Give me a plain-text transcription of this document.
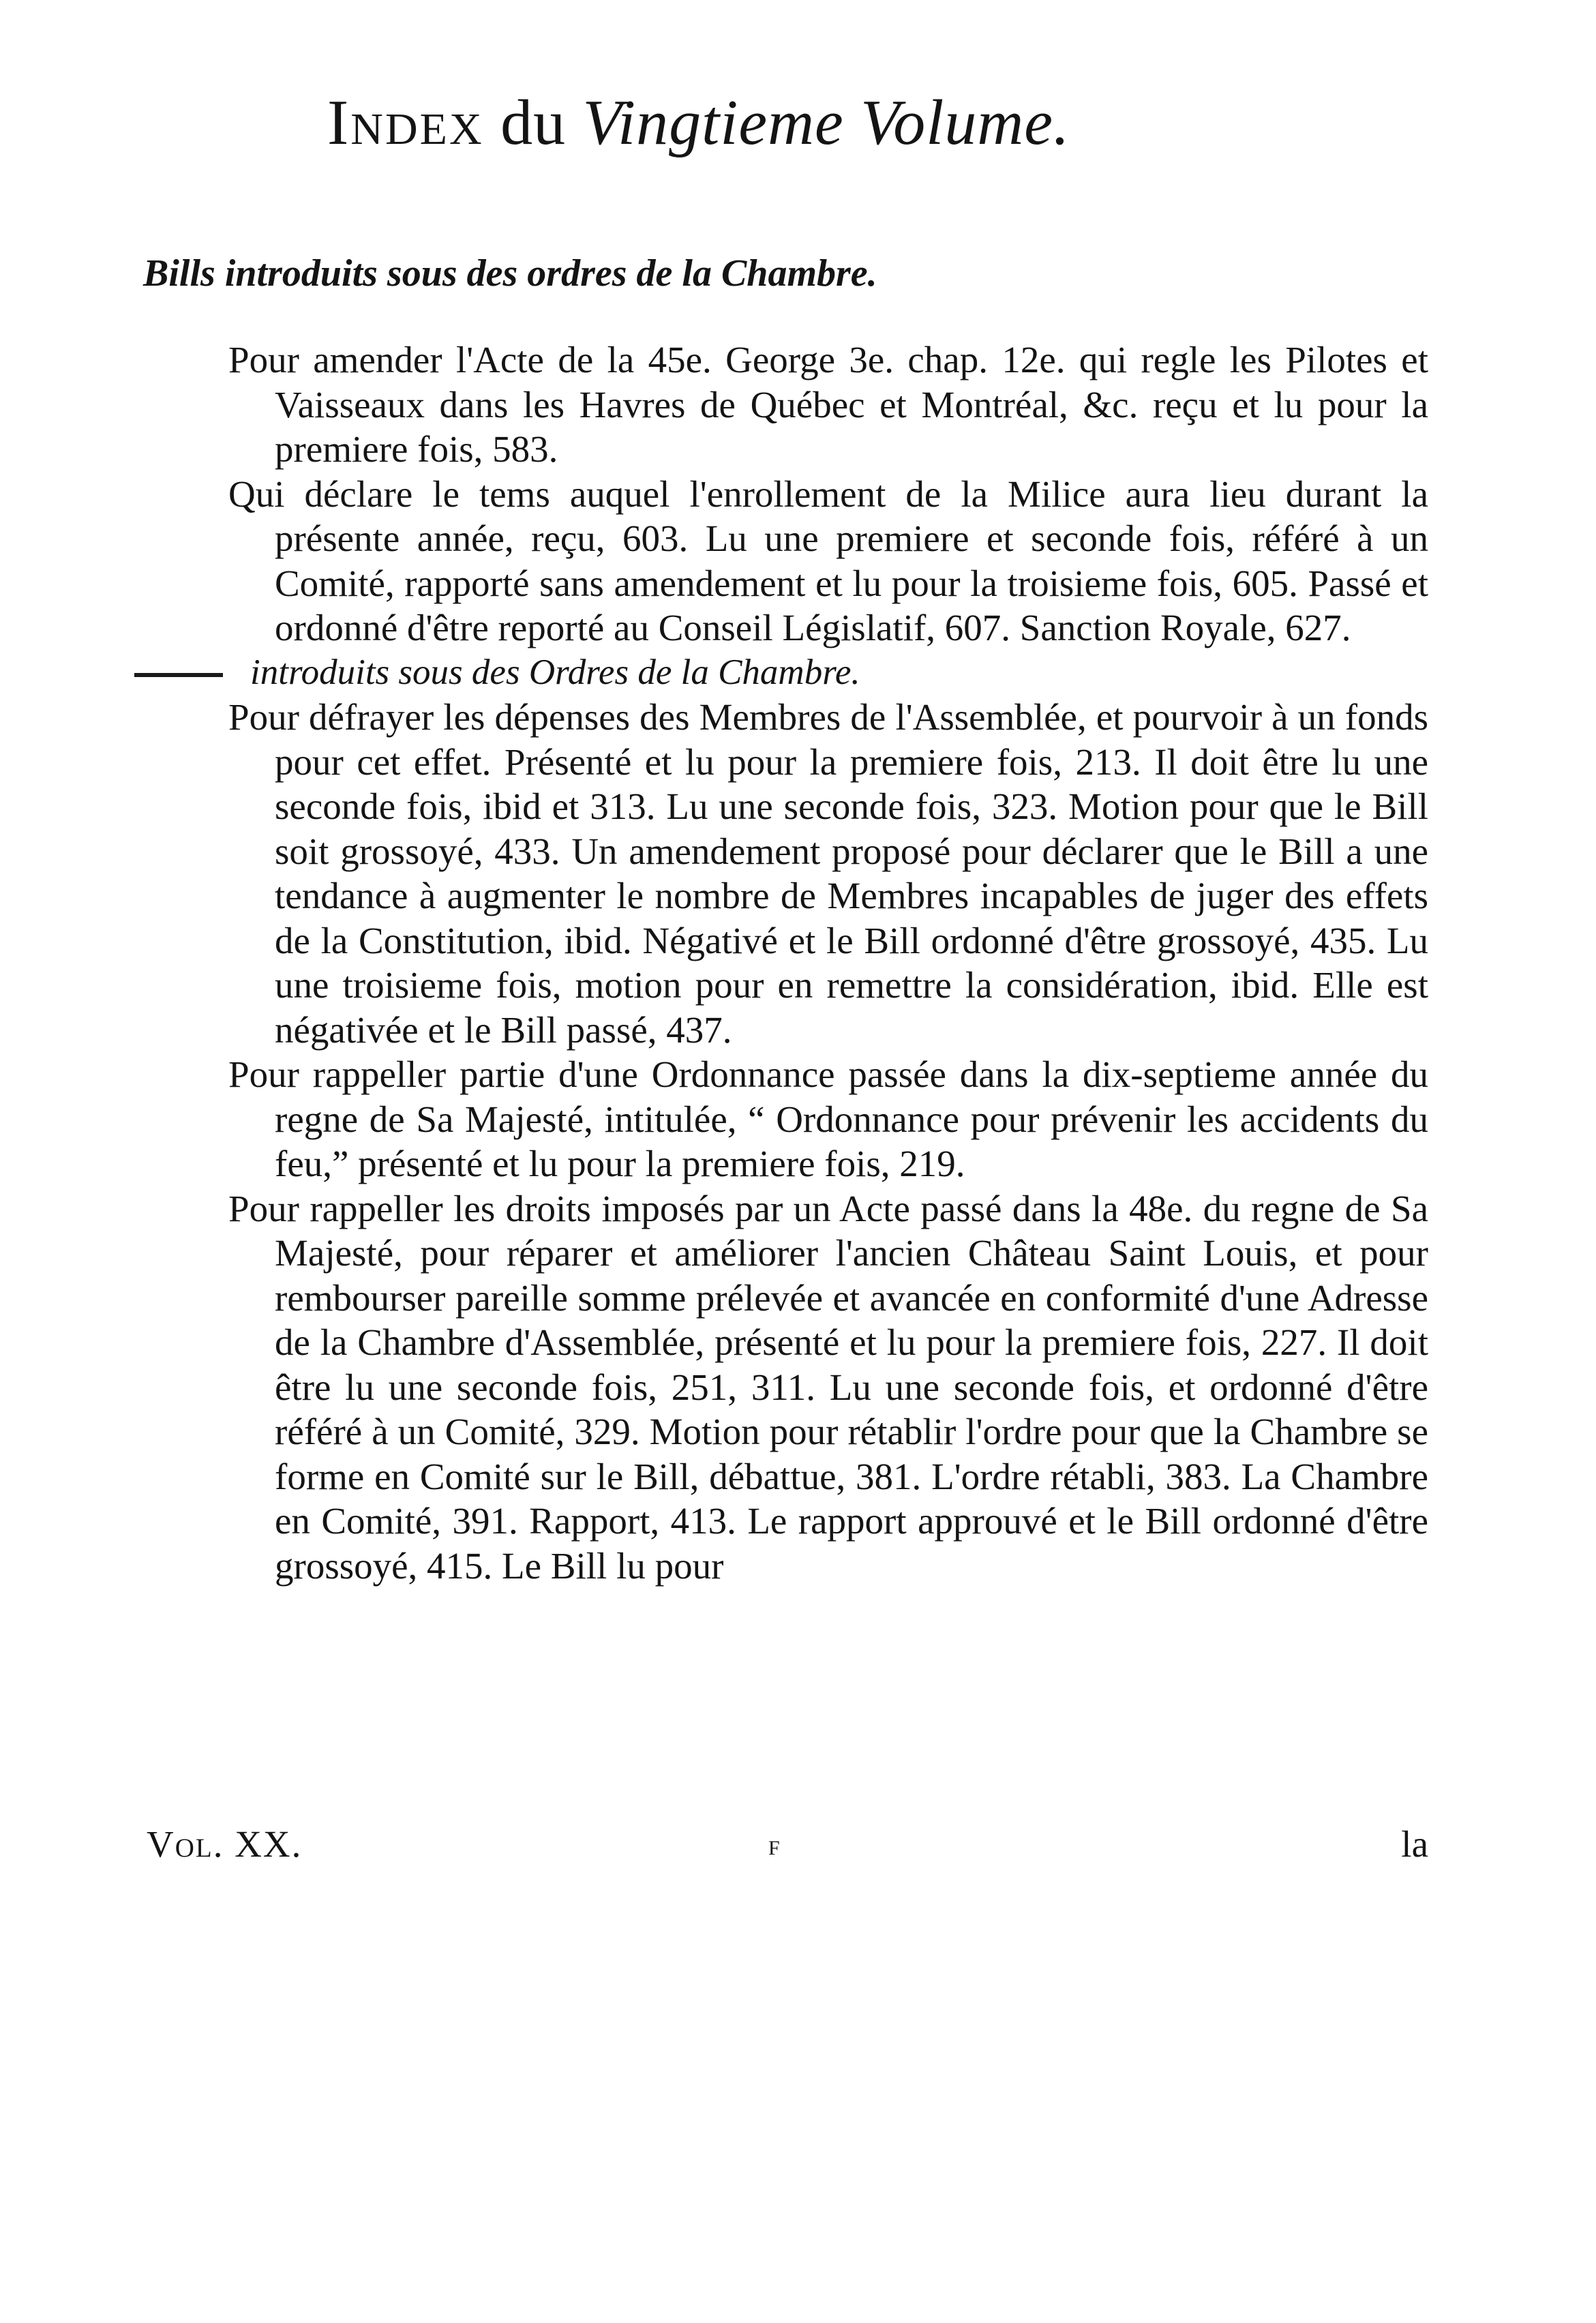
Index du Vingtieme Volume.
Bills introduits sous des ordres de la Chambre.

Pour amender l'Acte de la 45e. George 3e. chap. 12e. qui regle les Pilotes et Vaisseaux dans les Havres de Québec et Montréal, &c. reçu et lu pour la premiere fois, 583.

Qui déclare le tems auquel l'enrollement de la Milice aura lieu durant la présente année, reçu, 603. Lu une premiere et seconde fois, référé à un Comité, rapporté sans amendement et lu pour la troisieme fois, 605. Passé et ordonné d'être reporté au Conseil Législatif, 607. Sanction Royale, 627.

introduits sous des Ordres de la Chambre.

Pour défrayer les dépenses des Membres de l'Assemblée, et pourvoir à un fonds pour cet effet. Présenté et lu pour la premiere fois, 213. Il doit être lu une seconde fois, ibid et 313. Lu une seconde fois, 323. Motion pour que le Bill soit grossoyé, 433. Un amendement proposé pour déclarer que le Bill a une tendance à augmenter le nombre de Membres incapables de juger des effets de la Constitution, ibid. Négativé et le Bill ordonné d'être grossoyé, 435. Lu une troisieme fois, motion pour en remettre la considération, ibid. Elle est négativée et le Bill passé, 437.

Pour rappeller partie d'une Ordonnance passée dans la dix-septieme année du regne de Sa Majesté, intitulée, “ Ordonnance pour prévenir les accidents du feu,” présenté et lu pour la premiere fois, 219.

Pour rappeller les droits imposés par un Acte passé dans la 48e. du regne de Sa Majesté, pour réparer et améliorer l'ancien Château Saint Louis, et pour rembourser pareille somme prélevée et avancée en conformité d'une Adresse de la Chambre d'Assemblée, présenté et lu pour la premiere fois, 227. Il doit être lu une seconde fois, 251, 311. Lu une seconde fois, et ordonné d'être référé à un Comité, 329. Motion pour rétablir l'ordre pour que la Chambre se forme en Comité sur le Bill, débattue, 381. L'ordre rétabli, 383. La Chambre en Comité, 391. Rapport, 413. Le rapport approuvé et le Bill ordonné d'être grossoyé, 415. Le Bill lu pour

Vol. XX.	F	la
